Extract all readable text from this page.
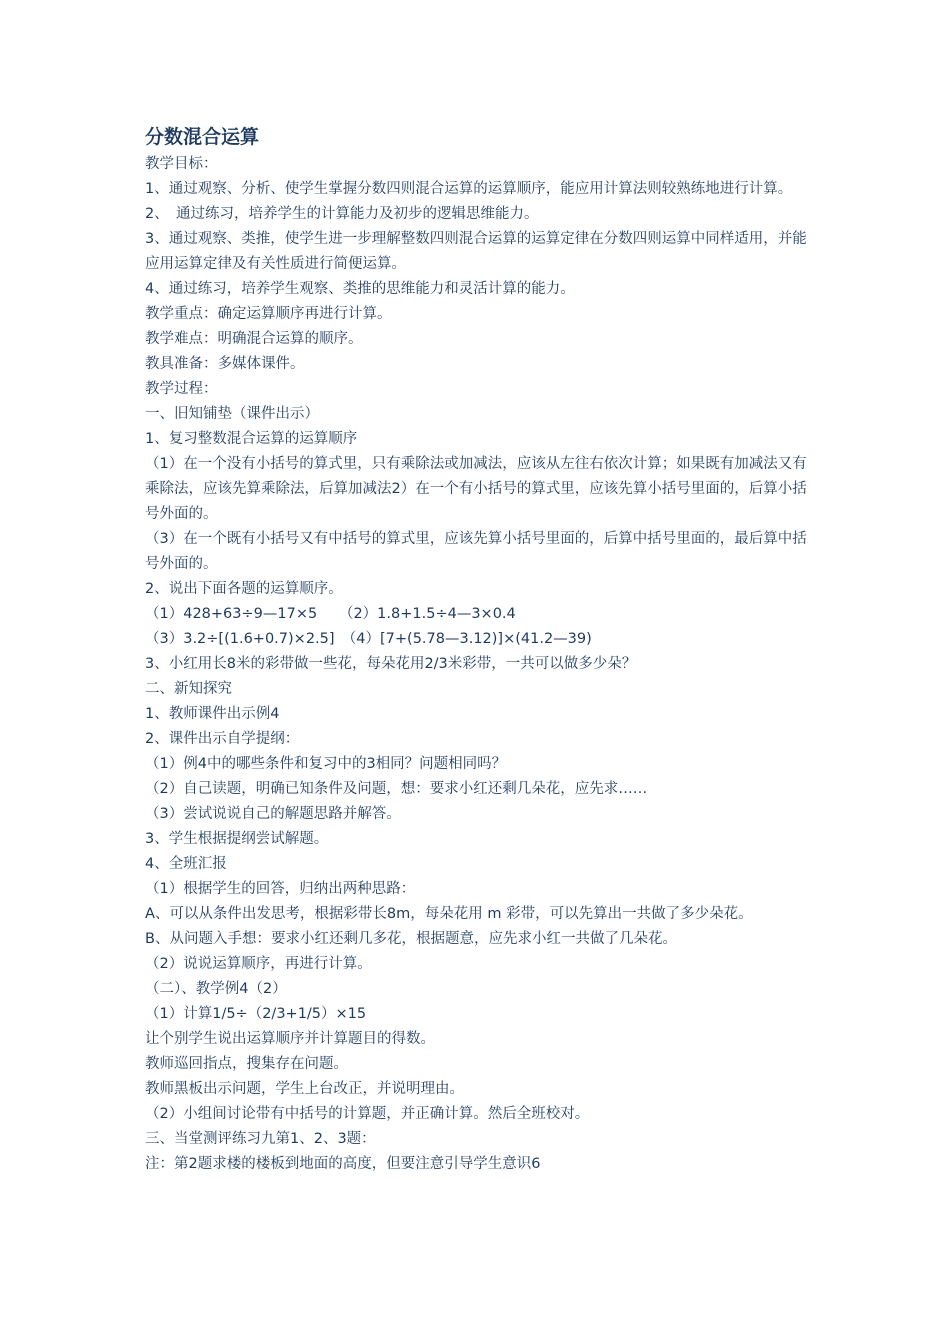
分数混合运算

教学目标：

1、通过观察、分析、使学生掌握分数四则混合运算的运算顺序，能应用计算法则较熟练地进行计算。

2、　通过练习，培养学生的计算能力及初步的逻辑思维能力。

3、通过观察、类推，使学生进一步理解整数四则混合运算的运算定律在分数四则运算中同样适用，并能应用运算定律及有关性质进行简便运算。

4、通过练习，培养学生观察、类推的思维能力和灵活计算的能力。

教学重点：确定运算顺序再进行计算。

教学难点：明确混合运算的顺序。

教具准备：多媒体课件。

教学过程：

一、旧知铺垫（课件出示）

1、复习整数混合运算的运算顺序

（1）在一个没有小括号的算式里，只有乘除法或加减法，应该从左往右依次计算；如果既有加减法又有乘除法，应该先算乘除法，后算加减法2）在一个有小括号的算式里，应该先算小括号里面的，后算小括号外面的。

（3）在一个既有小括号又有中括号的算式里，应该先算小括号里面的，后算中括号里面的，最后算中括号外面的。

2、说出下面各题的运算顺序。

（1）428+63÷9—17×5　　（2）1.8+1.5÷4—3×0.4

（3）3.2÷[(1.6+0.7)×2.5]　（4）[7+(5.78—3.12)]×(41.2—39)

3、小红用长8米的彩带做一些花，每朵花用2/3米彩带，一共可以做多少朵？

二、新知探究

1、教师课件出示例4

2、课件出示自学提纲：

（1）例4中的哪些条件和复习中的3相同？问题相同吗？

（2）自己读题，明确已知条件及问题，想：要求小红还剩几朵花，应先求……

（3）尝试说说自己的解题思路并解答。

3、学生根据提纲尝试解题。

4、全班汇报

（1）根据学生的回答，归纳出两种思路：

A、可以从条件出发思考，根据彩带长8m，每朵花用 m 彩带，可以先算出一共做了多少朵花。

B、从问题入手想：要求小红还剩几多花，根据题意，应先求小红一共做了几朵花。

（2）说说运算顺序，再进行计算。

（二）、教学例4（2）

（1）计算1/5÷（2/3+1/5）×15

让个别学生说出运算顺序并计算题目的得数。

教师巡回指点，搜集存在问题。

教师黑板出示问题，学生上台改正，并说明理由。

（2）小组间讨论带有中括号的计算题，并正确计算。然后全班校对。

三、当堂测评练习九第1、2、3题：

注：第2题求楼的楼板到地面的高度，但要注意引导学生意识6
